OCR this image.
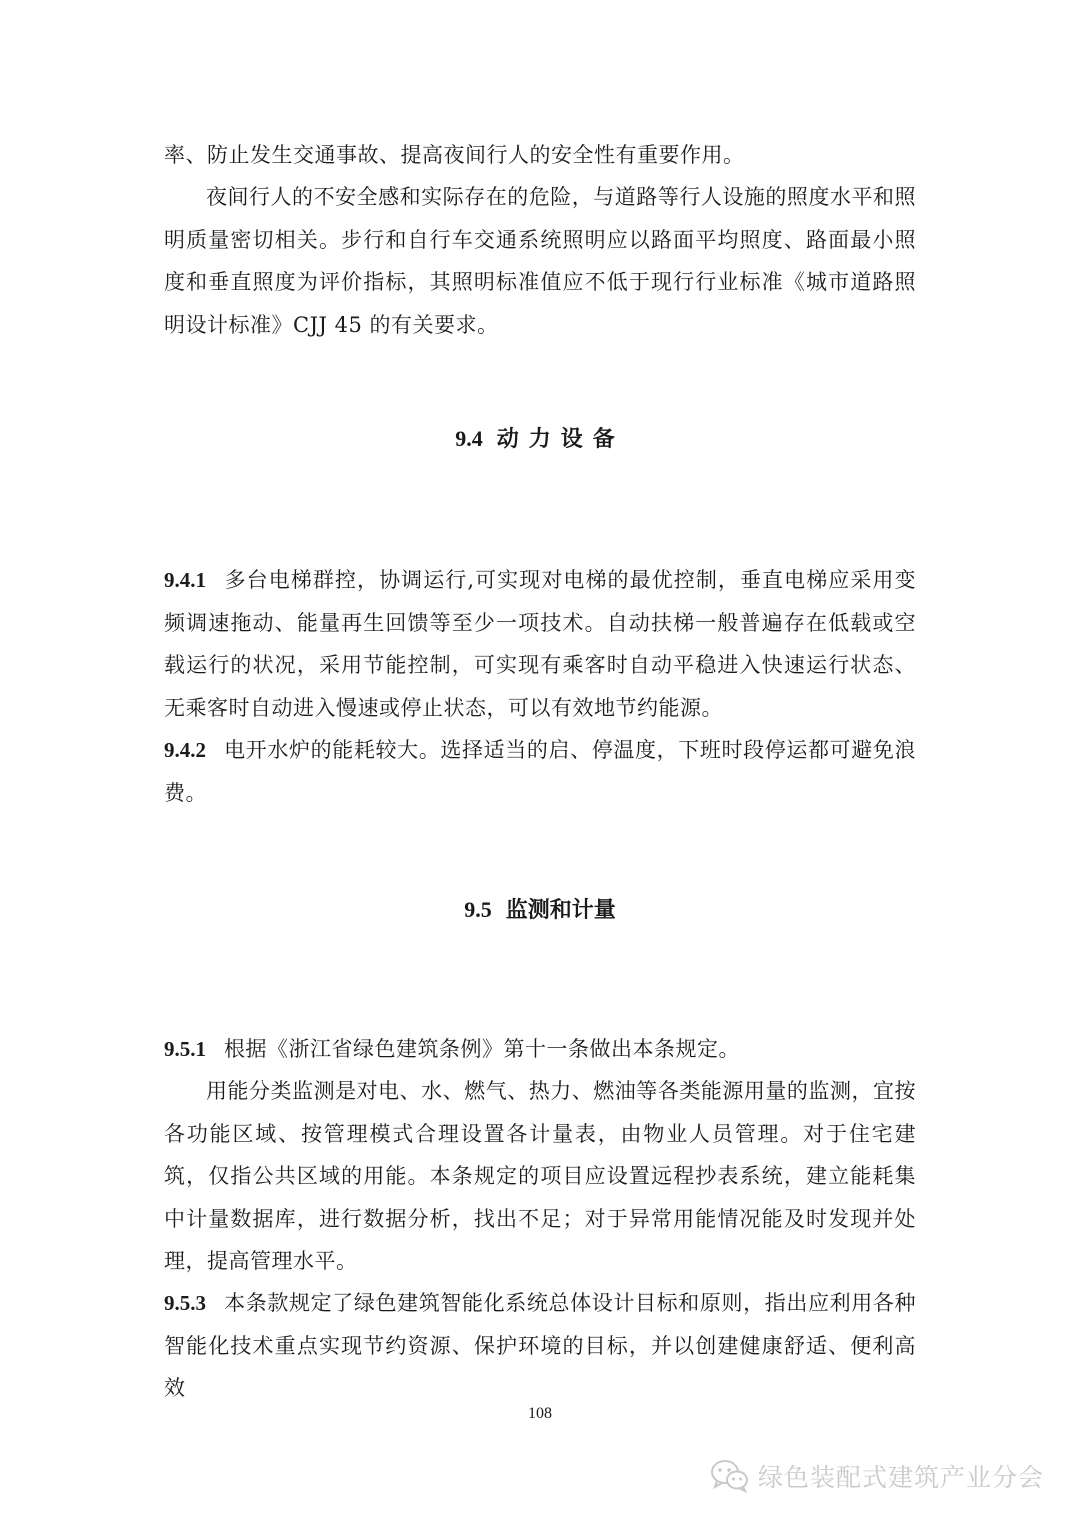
率、防止发生交通事故、提高夜间行人的安全性有重要作用。

夜间行人的不安全感和实际存在的危险，与道路等行人设施的照度水平和照明质量密切相关。步行和自行车交通系统照明应以路面平均照度、路面最小照度和垂直照度为评价指标，其照明标准值应不低于现行行业标准《城市道路照明设计标准》CJJ 45 的有关要求。

9.4 动力设备

9.4.1 多台电梯群控，协调运行,可实现对电梯的最优控制，垂直电梯应采用变频调速拖动、能量再生回馈等至少一项技术。自动扶梯一般普遍存在低载或空载运行的状况，采用节能控制，可实现有乘客时自动平稳进入快速运行状态、无乘客时自动进入慢速或停止状态，可以有效地节约能源。

9.4.2 电开水炉的能耗较大。选择适当的启、停温度，下班时段停运都可避免浪费。

9.5 监测和计量

9.5.1 根据《浙江省绿色建筑条例》第十一条做出本条规定。

用能分类监测是对电、水、燃气、热力、燃油等各类能源用量的监测，宜按各功能区域、按管理模式合理设置各计量表，由物业人员管理。对于住宅建筑，仅指公共区域的用能。本条规定的项目应设置远程抄表系统，建立能耗集中计量数据库，进行数据分析，找出不足；对于异常用能情况能及时发现并处理，提高管理水平。

9.5.3 本条款规定了绿色建筑智能化系统总体设计目标和原则，指出应利用各种智能化技术重点实现节约资源、保护环境的目标，并以创建健康舒适、便利高效

108
绿色装配式建筑产业分会
